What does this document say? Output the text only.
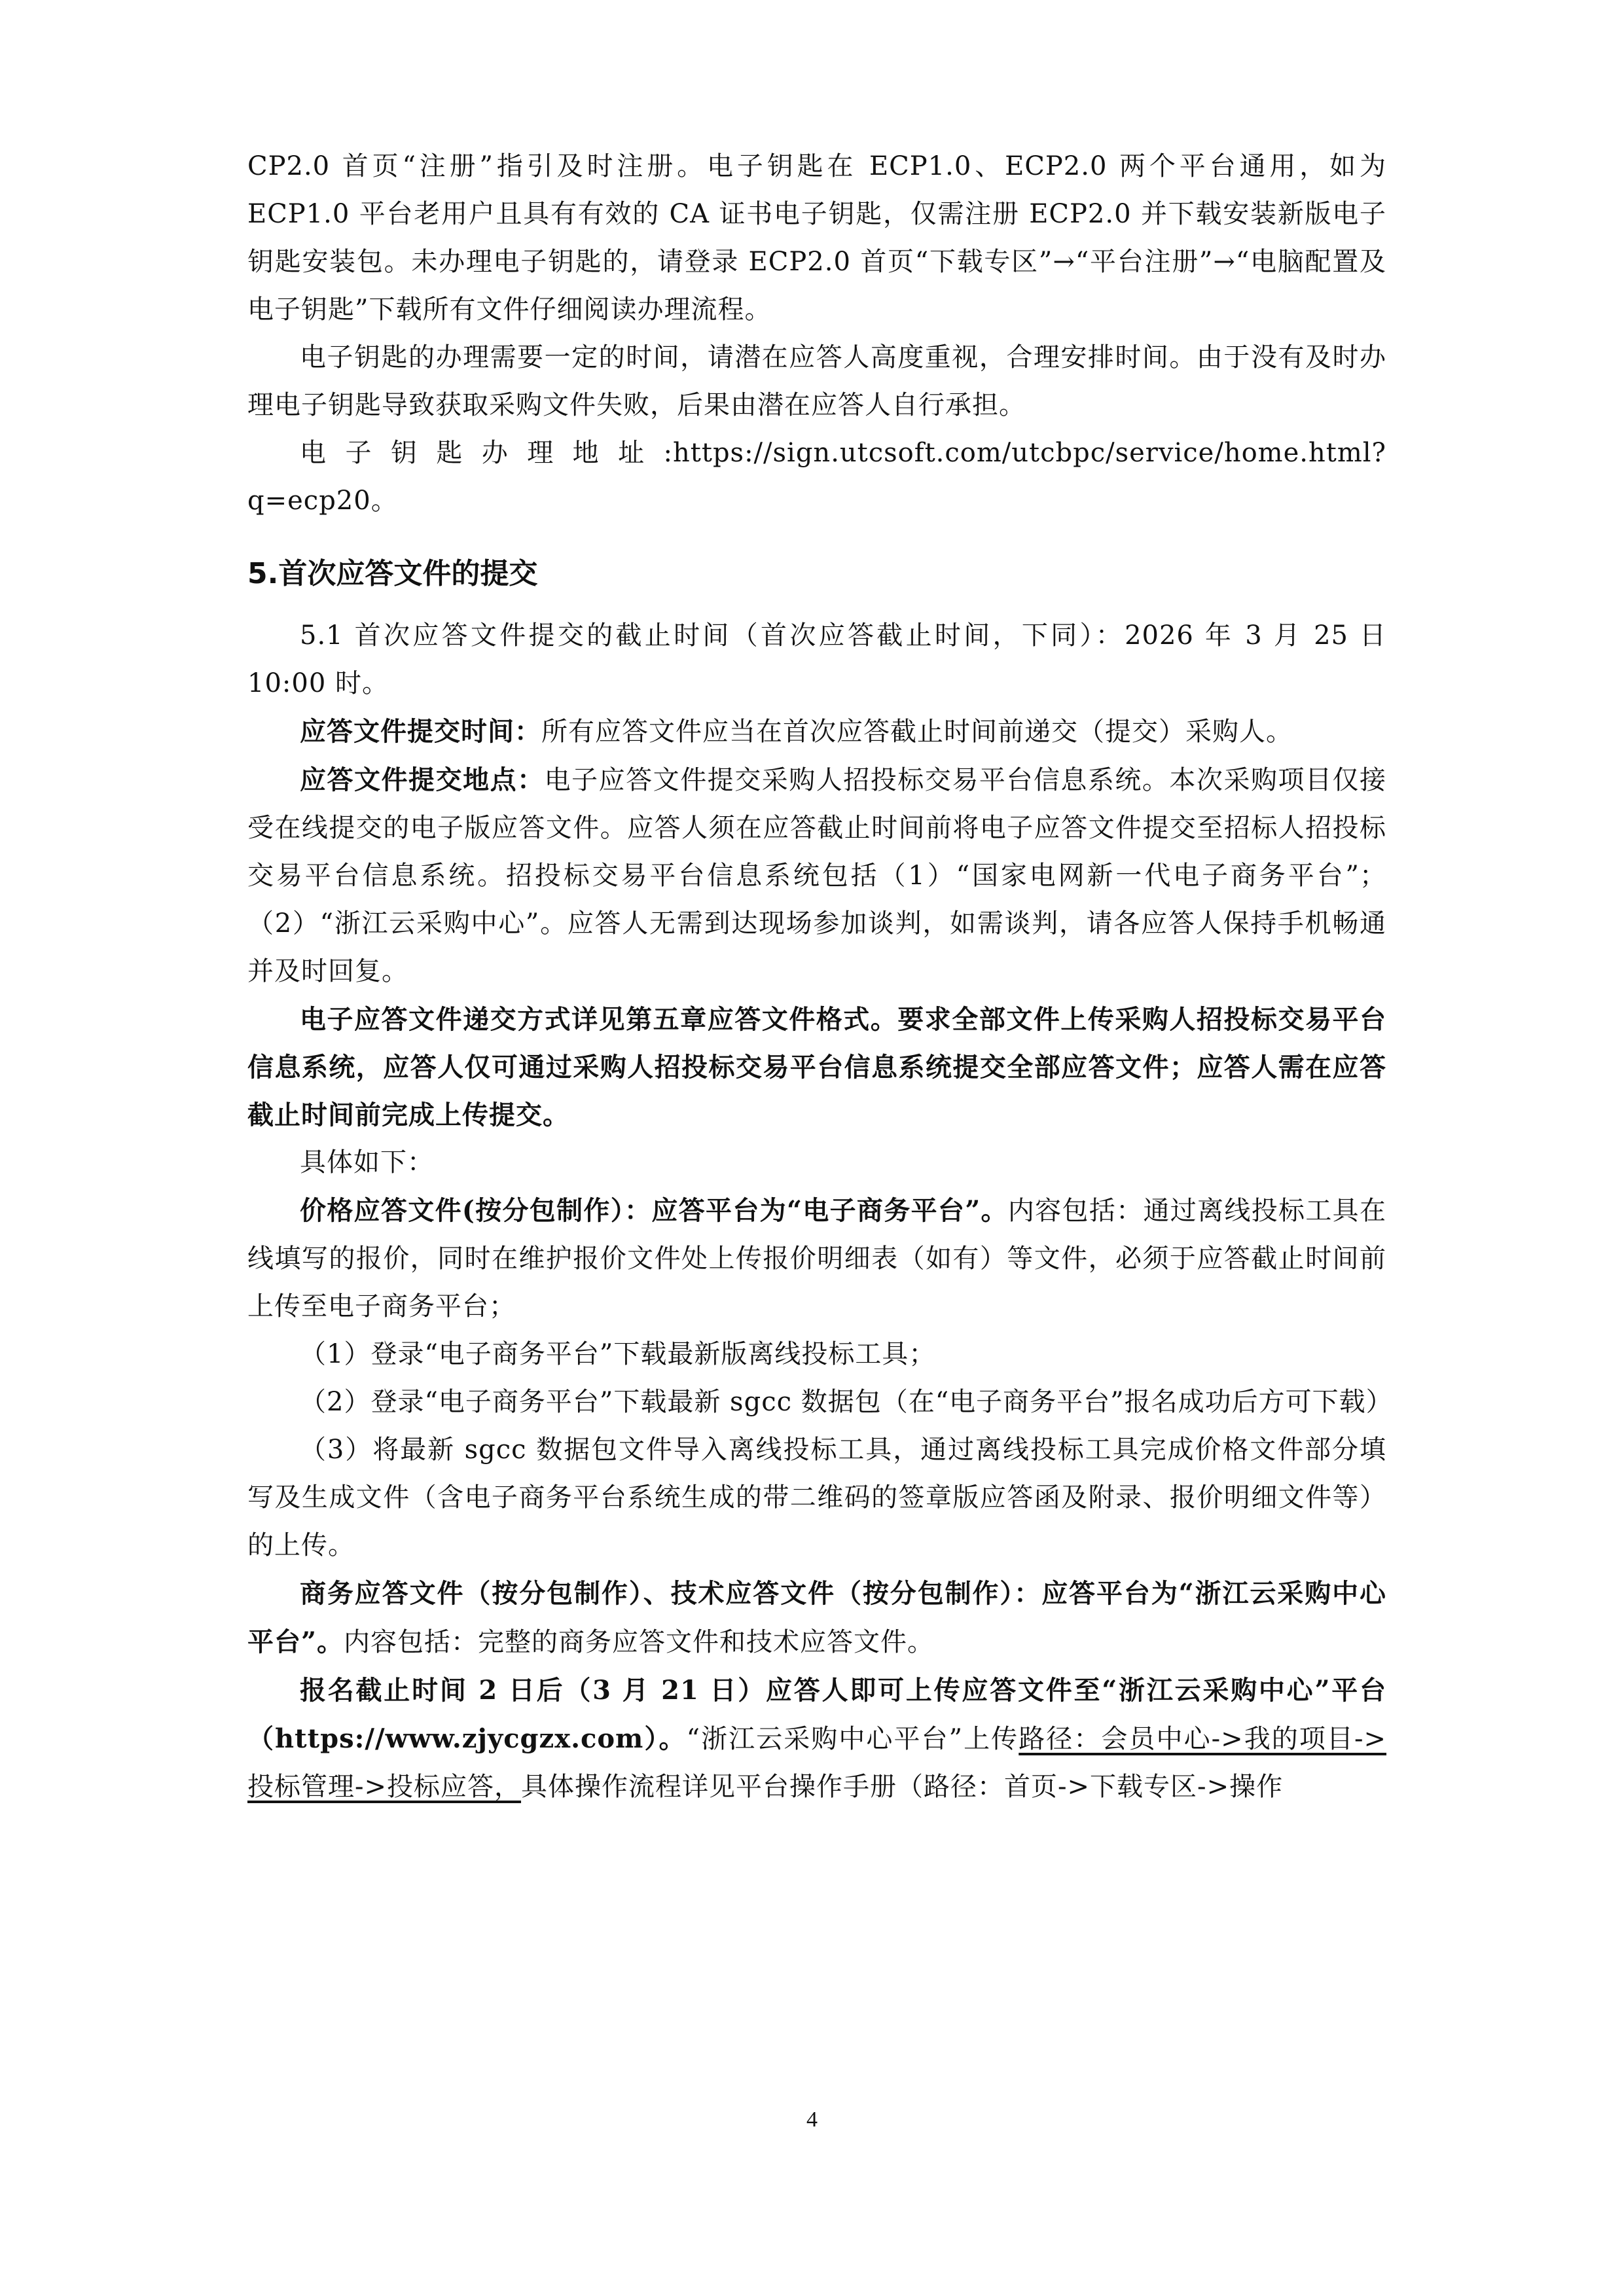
CP2.0 首页“注册”指引及时注册。电子钥匙在 ECP1.0、ECP2.0 两个平台通用，如为 ECP1.0 平台老用户且具有有效的 CA 证书电子钥匙，仅需注册 ECP2.0 并下载安装新版电子钥匙安装包。未办理电子钥匙的，请登录 ECP2.0 首页“下载专区”→“平台注册”→“电脑配置及电子钥匙”下载所有文件仔细阅读办理流程。

电子钥匙的办理需要一定的时间，请潜在应答人高度重视，合理安排时间。由于没有及时办理电子钥匙导致获取采购文件失败，后果由潜在应答人自行承担。

电子钥匙办理地址:https://sign.utcsoft.com/utcbpc/service/home.html?q=ecp20。

5.首次应答文件的提交

5.1 首次应答文件提交的截止时间（首次应答截止时间，下同）：2026 年 3 月 25 日 10:00 时。

应答文件提交时间：所有应答文件应当在首次应答截止时间前递交（提交）采购人。

应答文件提交地点：电子应答文件提交采购人招投标交易平台信息系统。本次采购项目仅接受在线提交的电子版应答文件。应答人须在应答截止时间前将电子应答文件提交至招标人招投标交易平台信息系统。招投标交易平台信息系统包括（1）“国家电网新一代电子商务平台”；（2）“浙江云采购中心”。应答人无需到达现场参加谈判，如需谈判，请各应答人保持手机畅通并及时回复。

电子应答文件递交方式详见第五章应答文件格式。要求全部文件上传采购人招投标交易平台信息系统，应答人仅可通过采购人招投标交易平台信息系统提交全部应答文件；应答人需在应答截止时间前完成上传提交。

具体如下：

价格应答文件(按分包制作）：应答平台为“电子商务平台”。内容包括：通过离线投标工具在线填写的报价，同时在维护报价文件处上传报价明细表（如有）等文件，必须于应答截止时间前上传至电子商务平台；

（1）登录“电子商务平台”下载最新版离线投标工具；

（2）登录“电子商务平台”下载最新 sgcc 数据包（在“电子商务平台”报名成功后方可下载）

（3）将最新 sgcc 数据包文件导入离线投标工具，通过离线投标工具完成价格文件部分填写及生成文件（含电子商务平台系统生成的带二维码的签章版应答函及附录、报价明细文件等）的上传。

商务应答文件（按分包制作）、技术应答文件（按分包制作）：应答平台为“浙江云采购中心平台”。内容包括：完整的商务应答文件和技术应答文件。

报名截止时间 2 日后（3 月 21 日）应答人即可上传应答文件至“浙江云采购中心”平台（https://www.zjycgzx.com）。“浙江云采购中心平台”上传路径：会员中心->我的项目->投标管理->投标应答，具体操作流程详见平台操作手册（路径：首页->下载专区->操作

4
